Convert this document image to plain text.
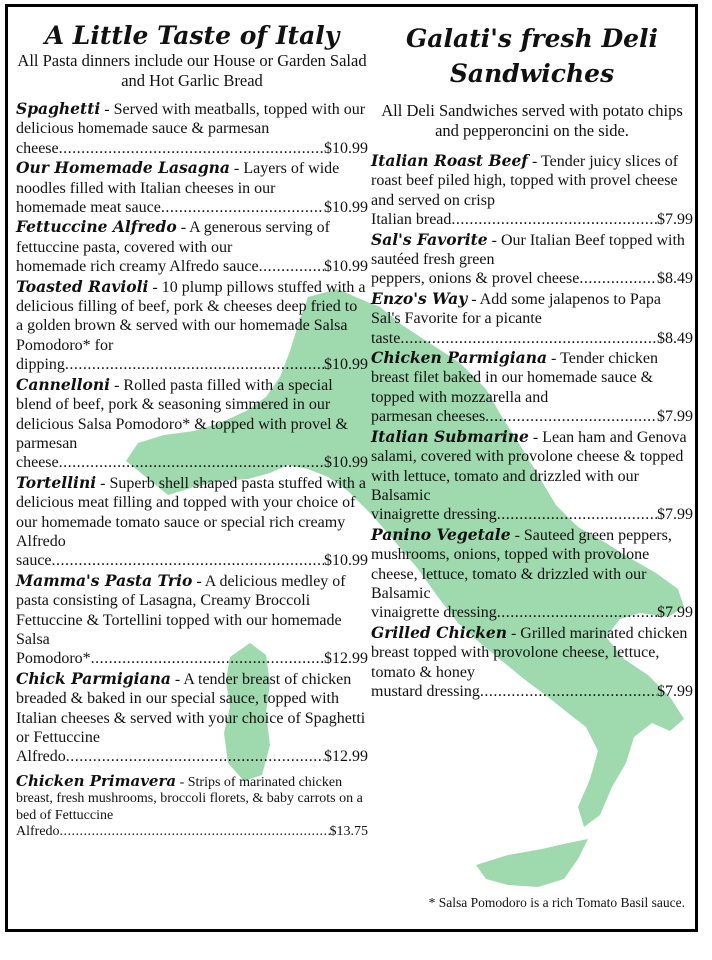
A Little Taste of Italy
All Pasta dinners include our House or Garden Salad and Hot Garlic Bread
Spaghetti - Served with meatballs, topped with our delicious homemade sauce & parmesan
cheese .....	$10.99
Our Homemade Lasagna - Layers of wide noodles filled with Italian cheeses in our
homemade meat sauce .....	$10.99
Fettuccine Alfredo - A generous serving of fettuccine pasta, covered with our
homemade rich creamy Alfredo sauce .....	$10.99
Toasted Ravioli - 10 plump pillows stuffed with a delicious filling of beef, pork & cheeses deep fried to a golden brown & served with our homemade Salsa Pomodoro* for
dipping .....	$10.99
Cannelloni - Rolled pasta filled with a special blend of beef, pork & seasoning simmered in our delicious Salsa Pomodoro* & topped with provel & parmesan
cheese .....	$10.99
Tortellini - Superb shell shaped pasta stuffed with a delicious meat filling and topped with your choice of our homemade tomato sauce or special rich creamy Alfredo
sauce .....	$10.99
Mamma's Pasta Trio - A delicious medley of pasta consisting of Lasagna, Creamy Broccoli Fettuccine & Tortellini topped with our homemade Salsa
Pomodoro* .....	$12.99
Chick Parmigiana - A tender breast of chicken breaded & baked in our special sauce, topped with Italian cheeses & served with your choice of Spaghetti or Fettuccine
Alfredo .....	$12.99
Chicken Primavera - Strips of marinated chicken breast, fresh mushrooms, broccoli florets, & baby carrots on a bed of Fettuccine
Alfredo .....	$13.75
Galati's fresh Deli Sandwiches
All Deli Sandwiches served with potato chips and pepperoncini on the side.
Italian Roast Beef - Tender juicy slices of roast beef piled high, topped with provel cheese and served on crisp
Italian bread .....	$7.99
Sal's Favorite - Our Italian Beef topped with sautéed fresh green
peppers, onions & provel cheese .....	$8.49
Enzo's Way - Add some jalapenos to Papa Sal's Favorite for a picante
taste .....	$8.49
Chicken Parmigiana - Tender chicken breast filet baked in our homemade sauce & topped with mozzarella and
parmesan cheeses .....	$7.99
Italian Submarine - Lean ham and Genova salami, covered with provolone cheese & topped with lettuce, tomato and drizzled with our Balsamic
vinaigrette dressing .....	$7.99
Panino Vegetale - Sauteed green peppers, mushrooms, onions, topped with provolone cheese, lettuce, tomato & drizzled with our Balsamic
vinaigrette dressing .....	$7.99
Grilled Chicken - Grilled marinated chicken breast topped with provolone cheese, lettuce, tomato & honey
mustard dressing .....	$7.99
* Salsa Pomodoro is a rich Tomato Basil sauce.
